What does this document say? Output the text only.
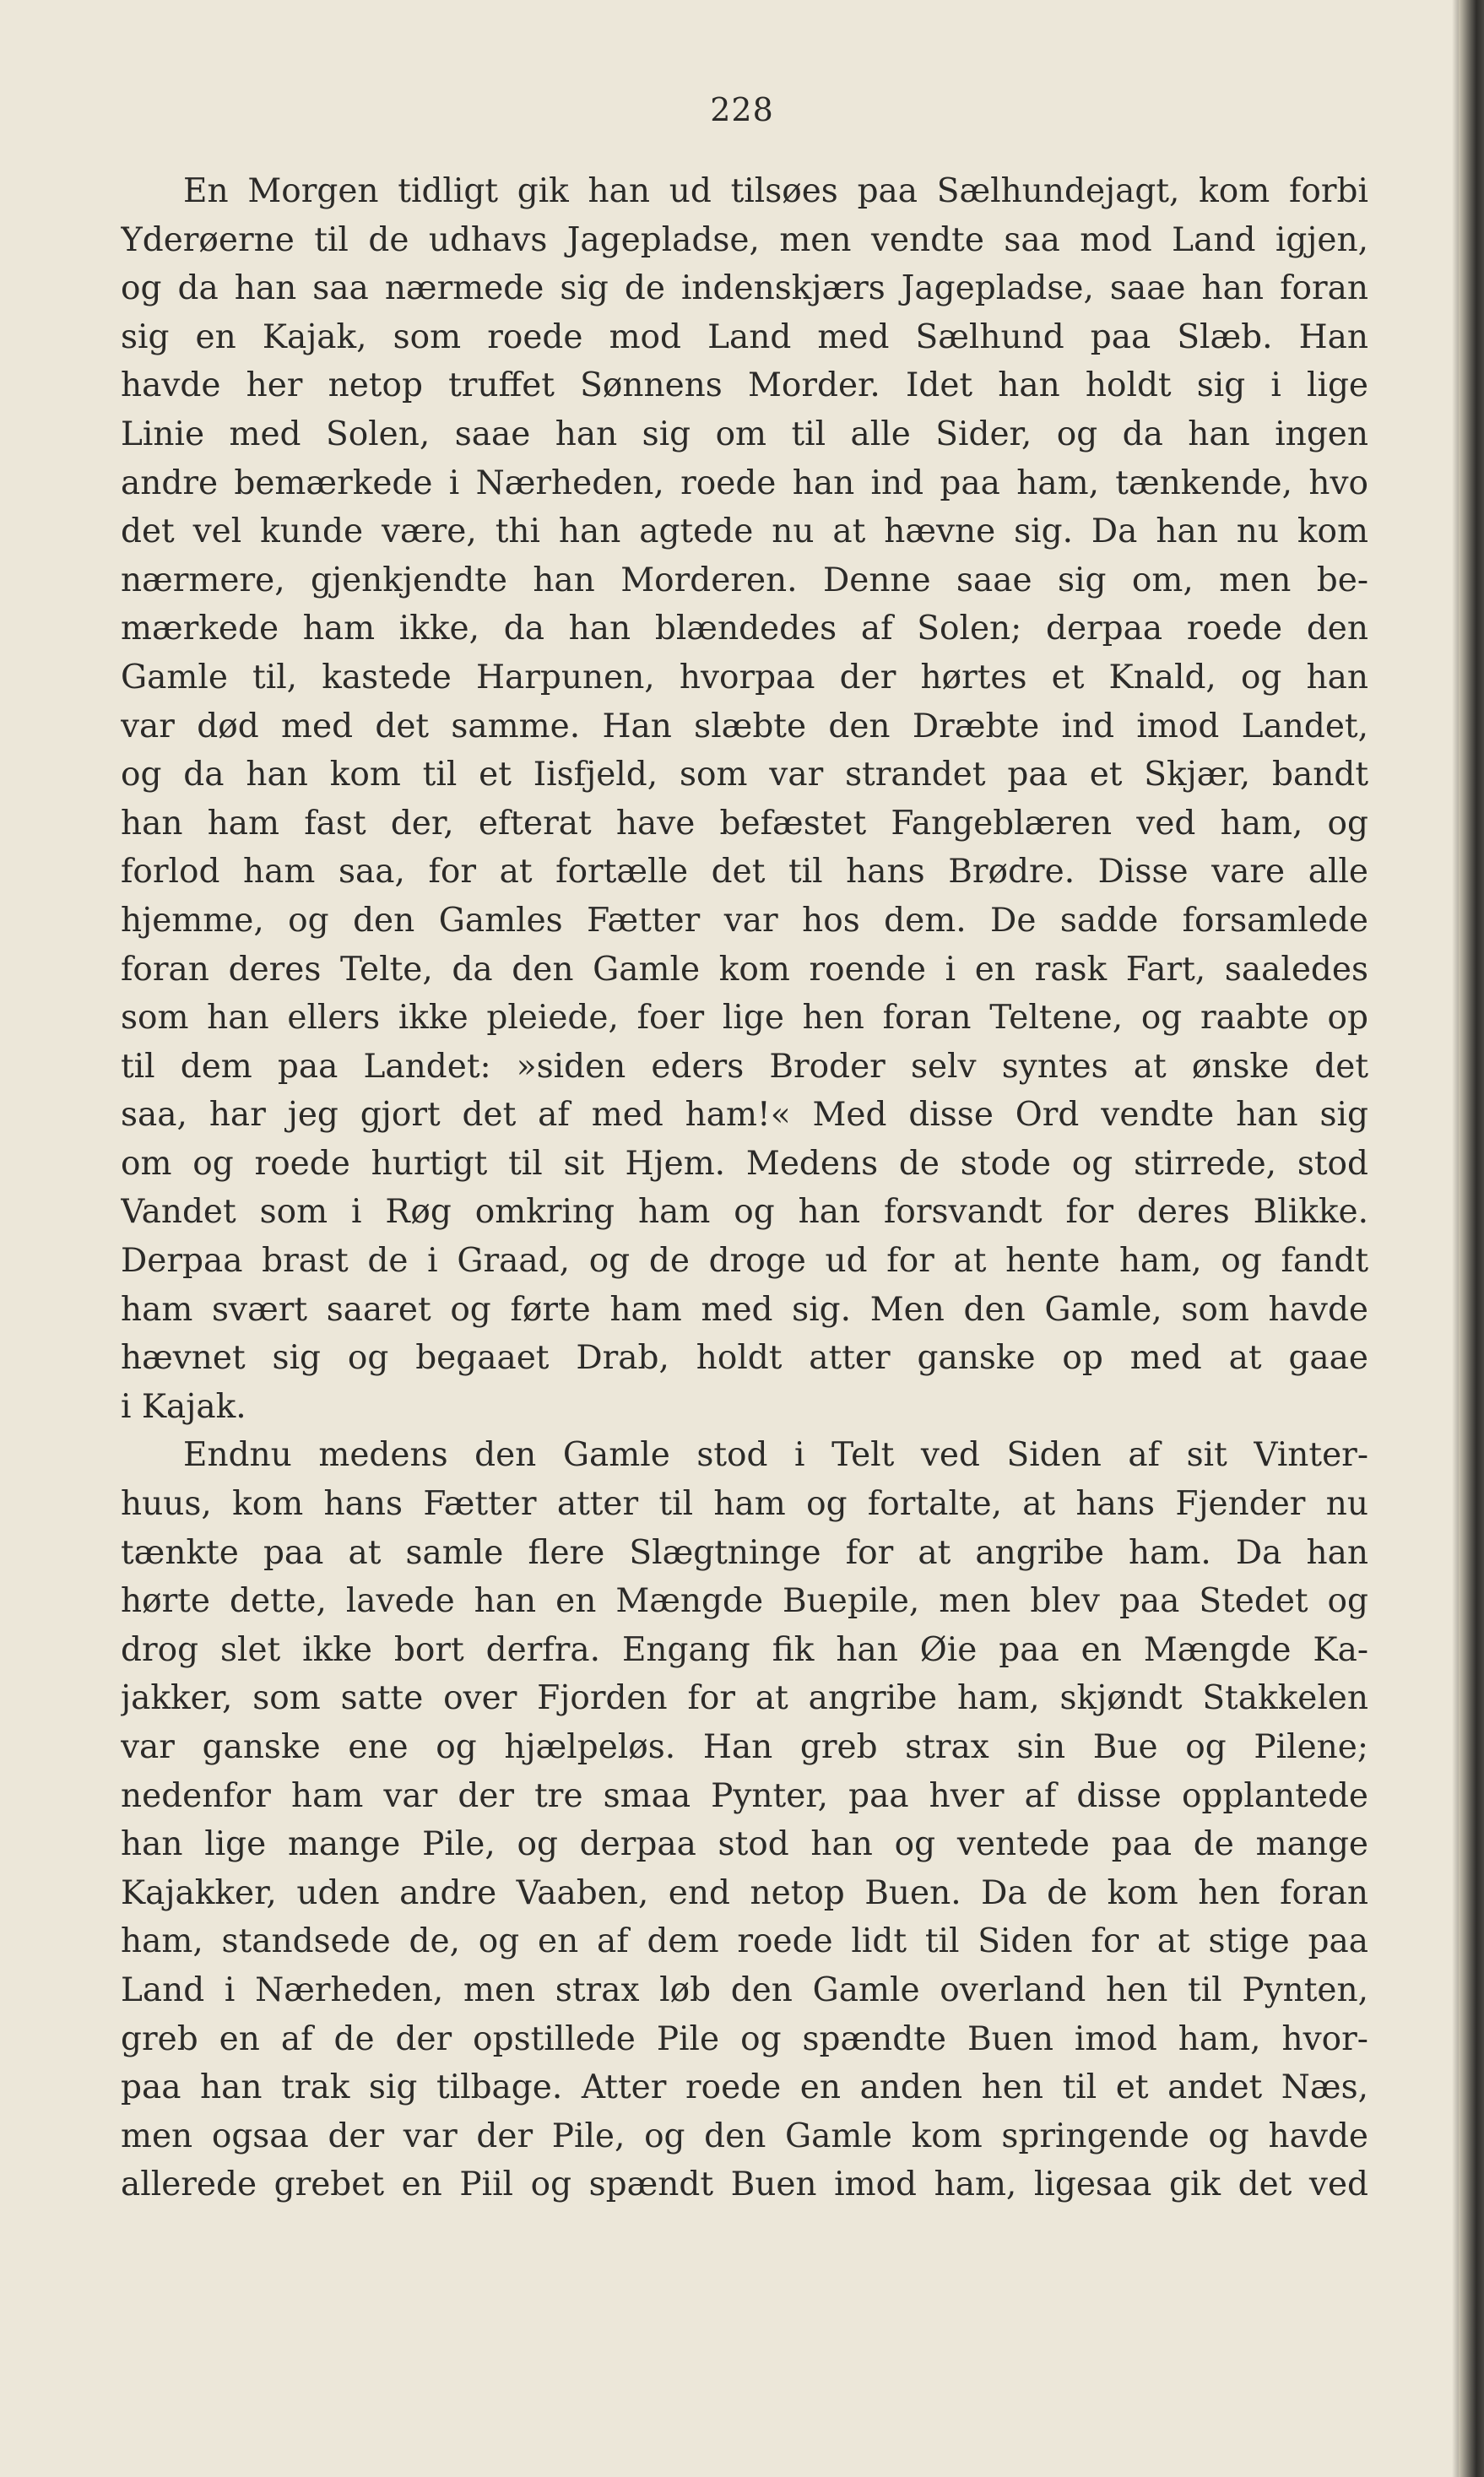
228
En Morgen tidligt gik han ud tilsøes paa Sælhundejagt, kom forbi
Yderøerne til de udhavs Jagepladse, men vendte saa mod Land igjen,
og da han saa nærmede sig de indenskjærs Jagepladse, saae han foran
sig en Kajak, som roede mod Land med Sælhund paa Slæb. Han
havde her netop truffet Sønnens Morder. Idet han holdt sig i lige
Linie med Solen, saae han sig om til alle Sider, og da han ingen
andre bemærkede i Nærheden, roede han ind paa ham, tænkende, hvo
det vel kunde være, thi han agtede nu at hævne sig. Da han nu kom
nærmere, gjenkjendte han Morderen. Denne saae sig om, men be-
mærkede ham ikke, da han blændedes af Solen; derpaa roede den
Gamle til, kastede Harpunen, hvorpaa der hørtes et Knald, og han
var død med det samme. Han slæbte den Dræbte ind imod Landet,
og da han kom til et Iisfjeld, som var strandet paa et Skjær, bandt
han ham fast der, efterat have befæstet Fangeblæren ved ham, og
forlod ham saa, for at fortælle det til hans Brødre. Disse vare alle
hjemme, og den Gamles Fætter var hos dem. De sadde forsamlede
foran deres Telte, da den Gamle kom roende i en rask Fart, saaledes
som han ellers ikke pleiede, foer lige hen foran Teltene, og raabte op
til dem paa Landet: »siden eders Broder selv syntes at ønske det
saa, har jeg gjort det af med ham!« Med disse Ord vendte han sig
om og roede hurtigt til sit Hjem. Medens de stode og stirrede, stod
Vandet som i Røg omkring ham og han forsvandt for deres Blikke.
Derpaa brast de i Graad, og de droge ud for at hente ham, og fandt
ham svært saaret og førte ham med sig. Men den Gamle, som havde
hævnet sig og begaaet Drab, holdt atter ganske op med at gaae
i Kajak.
Endnu medens den Gamle stod i Telt ved Siden af sit Vinter-
huus, kom hans Fætter atter til ham og fortalte, at hans Fjender nu
tænkte paa at samle flere Slægtninge for at angribe ham. Da han
hørte dette, lavede han en Mængde Buepile, men blev paa Stedet og
drog slet ikke bort derfra. Engang fik han Øie paa en Mængde Ka-
jakker, som satte over Fjorden for at angribe ham, skjøndt Stakkelen
var ganske ene og hjælpeløs. Han greb strax sin Bue og Pilene;
nedenfor ham var der tre smaa Pynter, paa hver af disse opplantede
han lige mange Pile, og derpaa stod han og ventede paa de mange
Kajakker, uden andre Vaaben, end netop Buen. Da de kom hen foran
ham, standsede de, og en af dem roede lidt til Siden for at stige paa
Land i Nærheden, men strax løb den Gamle overland hen til Pynten,
greb en af de der opstillede Pile og spændte Buen imod ham, hvor-
paa han trak sig tilbage. Atter roede en anden hen til et andet Næs,
men ogsaa der var der Pile, og den Gamle kom springende og havde
allerede grebet en Piil og spændt Buen imod ham, ligesaa gik det ved
